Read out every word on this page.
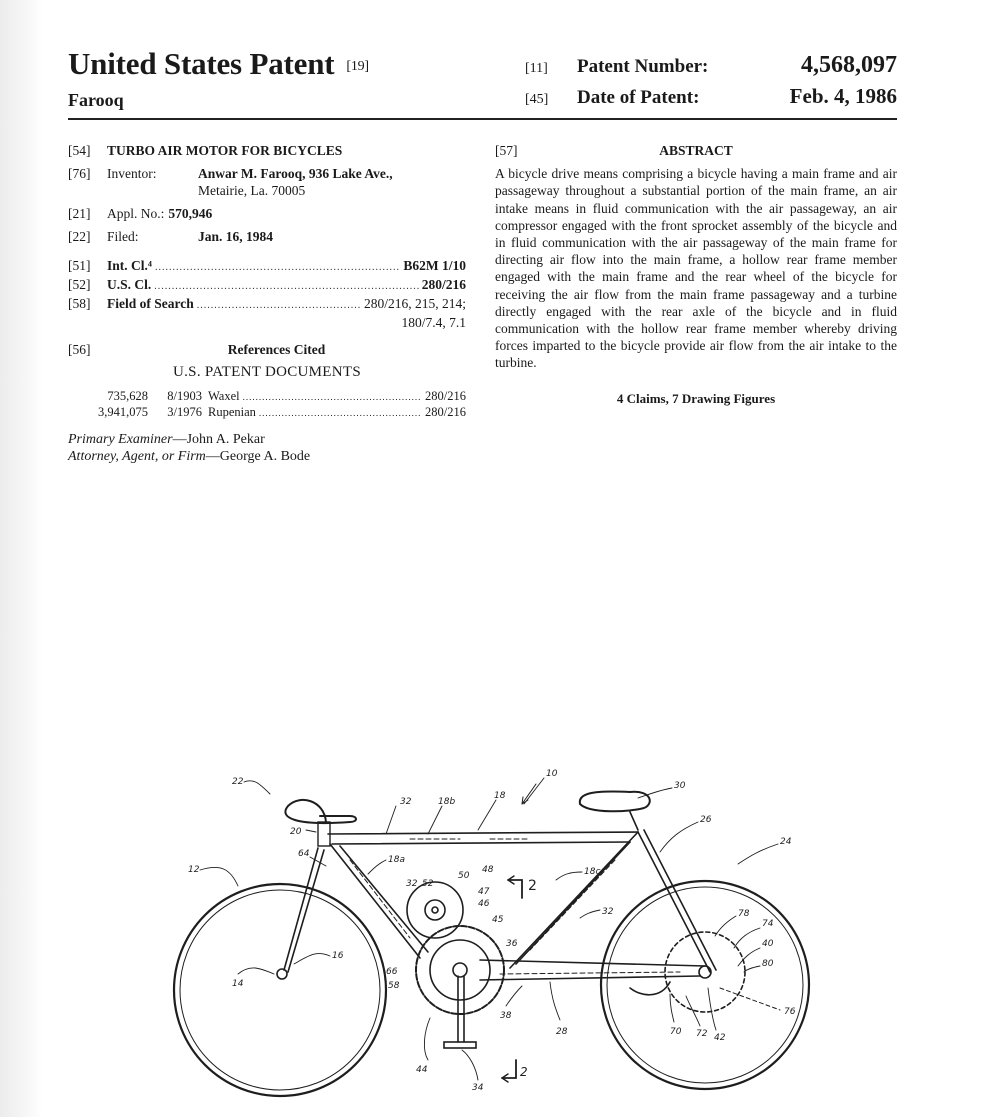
United States Patent [19]
Farooq
[11]	Patent Number:	4,568,097
[45]	Date of Patent:	Feb. 4, 1986
[54]	TURBO AIR MOTOR FOR BICYCLES
[76]	Inventor:	Anwar M. Farooq, 936 Lake Ave.,
Metairie, La. 70005
[21]	Appl. No.: 570,946
[22]	Filed:	Jan. 16, 1984
[51]	Int. Cl.⁴ .....	B62M 1/10
[52]	U.S. Cl. .....	280/216
[58]	Field of Search .....	280/216, 215, 214;
180/7.4, 7.1
[56]	References Cited
U.S. PATENT DOCUMENTS
735,628	8/1903 Waxel .....	280/216
3,941,075	3/1976 Rupenian .....	280/216
Primary Examiner—John A. Pekar
Attorney, Agent, or Firm—George A. Bode
[57]	ABSTRACT
A bicycle drive means comprising a bicycle having a main frame and air passageway throughout a substantial portion of the main frame, an air intake means in fluid communication with the air passageway, an air compressor engaged with the front sprocket assembly of the bicycle and in fluid communication with the air passageway of the main frame for directing air flow into the main frame, a hollow rear frame member engaged with the main frame and the rear wheel of the bicycle for receiving the air flow from the main frame passageway and a turbine directly engaged with the rear axle of the bicycle and in fluid communication with the hollow rear frame member whereby driving forces imparted to the bicycle provide air flow from the air intake to the turbine.
4 Claims, 7 Drawing Figures
22
20
32	18b
18
10
30
26
24
12
64
16
14
18a
32 52
50
48
47
46
45
36
18c
32	78
74
40
80
76
28	70 72 42
38
66
58
44
34
2
2
